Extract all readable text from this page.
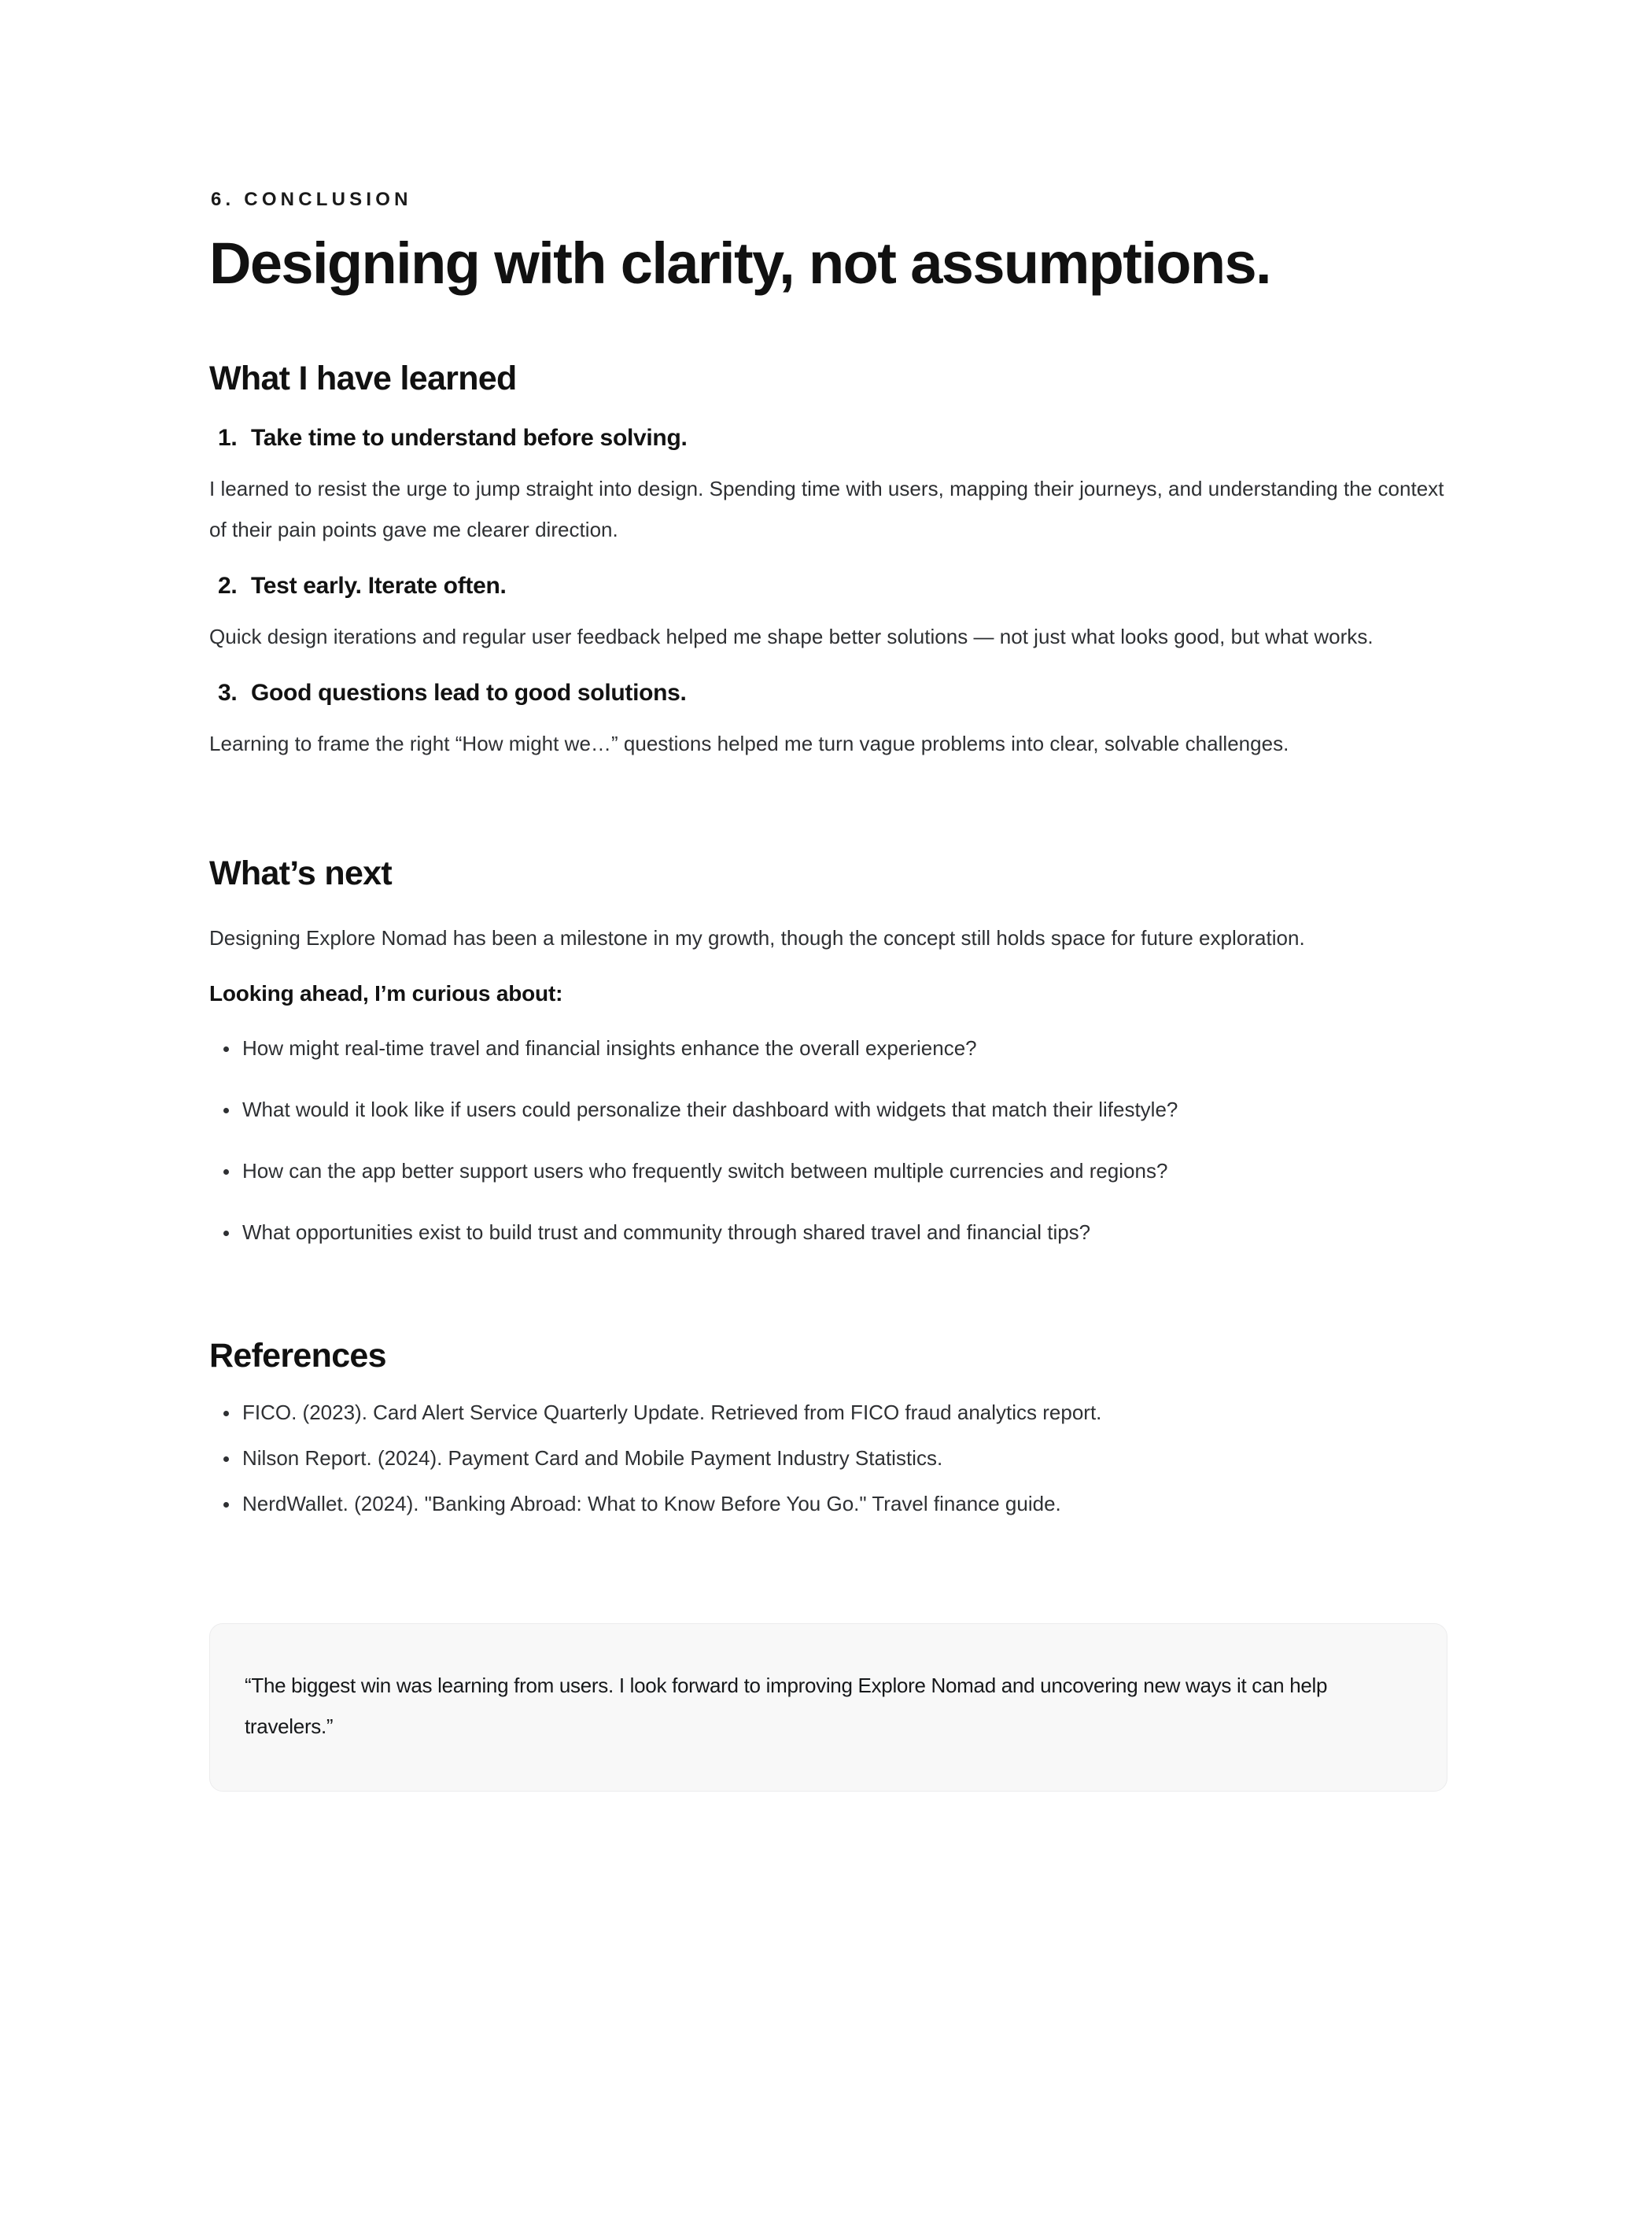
6. CONCLUSION
Designing with clarity, not assumptions.
What I have learned
1. Take time to understand before solving.

I learned to resist the urge to jump straight into design. Spending time with users, mapping their journeys, and understanding the context of their pain points gave me clearer direction.

2. Test early. Iterate often.

Quick design iterations and regular user feedback helped me shape better solutions — not just what looks good, but what works.

3. Good questions lead to good solutions.

Learning to frame the right “How might we…” questions helped me turn vague problems into clear, solvable challenges.

What’s next

Designing Explore Nomad has been a milestone in my growth, though the concept still holds space for future exploration.

Looking ahead, I’m curious about:

How might real-time travel and financial insights enhance the overall experience?
What would it look like if users could personalize their dashboard with widgets that match their lifestyle?
How can the app better support users who frequently switch between multiple currencies and regions?
What opportunities exist to build trust and community through shared travel and financial tips?
References
FICO. (2023). Card Alert Service Quarterly Update. Retrieved from FICO fraud analytics report.
Nilson Report. (2024). Payment Card and Mobile Payment Industry Statistics.
NerdWallet. (2024). "Banking Abroad: What to Know Before You Go." Travel finance guide.

“The biggest win was learning from users. I look forward to improving Explore Nomad and uncovering new ways it can help travelers.”
